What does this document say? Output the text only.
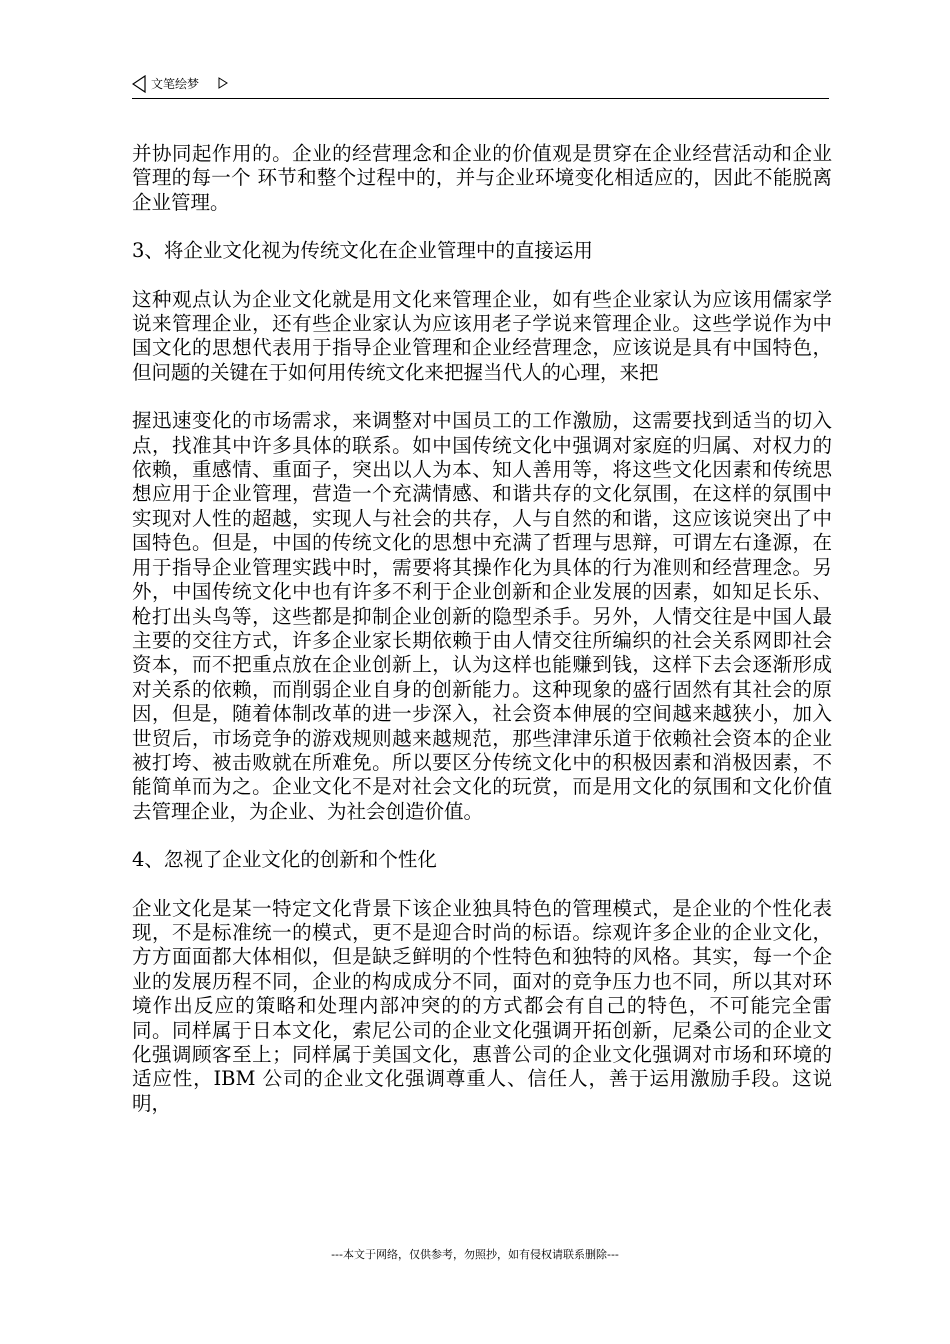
文笔绘梦

并协同起作用的。企业的经营理念和企业的价值观是贯穿在企业经营活动和企业管理的每一个 环节和整个过程中的，并与企业环境变化相适应的，因此不能脱离企业管理。

3、将企业文化视为传统文化在企业管理中的直接运用

这种观点认为企业文化就是用文化来管理企业，如有些企业家认为应该用儒家学说来管理企业，还有些企业家认为应该用老子学说来管理企业。这些学说作为中国文化的思想代表用于指导企业管理和企业经营理念，应该说是具有中国特色，但问题的关键在于如何用传统文化来把握当代人的心理，来把

握迅速变化的市场需求，来调整对中国员工的工作激励，这需要找到适当的切入点，找准其中许多具体的联系。如中国传统文化中强调对家庭的归属、对权力的依赖，重感情、重面子，突出以人为本、知人善用等，将这些文化因素和传统思想应用于企业管理，营造一个充满情感、和谐共存的文化氛围，在这样的氛围中实现对人性的超越，实现人与社会的共存，人与自然的和谐，这应该说突出了中国特色。但是，中国的传统文化的思想中充满了哲理与思辩，可谓左右逢源，在用于指导企业管理实践中时，需要将其操作化为具体的行为准则和经营理念。另外，中国传统文化中也有许多不利于企业创新和企业发展的因素，如知足长乐、枪打出头鸟等，这些都是抑制企业创新的隐型杀手。另外，人情交往是中国人最主要的交往方式，许多企业家长期依赖于由人情交往所编织的社会关系网即社会资本，而不把重点放在企业创新上，认为这样也能赚到钱，这样下去会逐渐形成对关系的依赖，而削弱企业自身的创新能力。这种现象的盛行固然有其社会的原因，但是，随着体制改革的进一步深入，社会资本伸展的空间越来越狭小，加入世贸后，市场竞争的游戏规则越来越规范，那些津津乐道于依赖社会资本的企业被打垮、被击败就在所难免。所以要区分传统文化中的积极因素和消极因素，不能简单而为之。企业文化不是对社会文化的玩赏，而是用文化的氛围和文化价值去管理企业，为企业、为社会创造价值。

4、忽视了企业文化的创新和个性化

企业文化是某一特定文化背景下该企业独具特色的管理模式，是企业的个性化表现，不是标准统一的模式，更不是迎合时尚的标语。综观许多企业的企业文化，方方面面都大体相似，但是缺乏鲜明的个性特色和独特的风格。其实，每一个企业的发展历程不同，企业的构成成分不同，面对的竞争压力也不同，所以其对环境作出反应的策略和处理内部冲突的的方式都会有自己的特色，不可能完全雷同。同样属于日本文化，索尼公司的企业文化强调开拓创新，尼桑公司的企业文化强调顾客至上；同样属于美国文化，惠普公司的企业文化强调对市场和环境的适应性，IBM 公司的企业文化强调尊重人、信任人，善于运用激励手段。这说明，

---本文于网络，仅供参考，勿照抄，如有侵权请联系删除---
